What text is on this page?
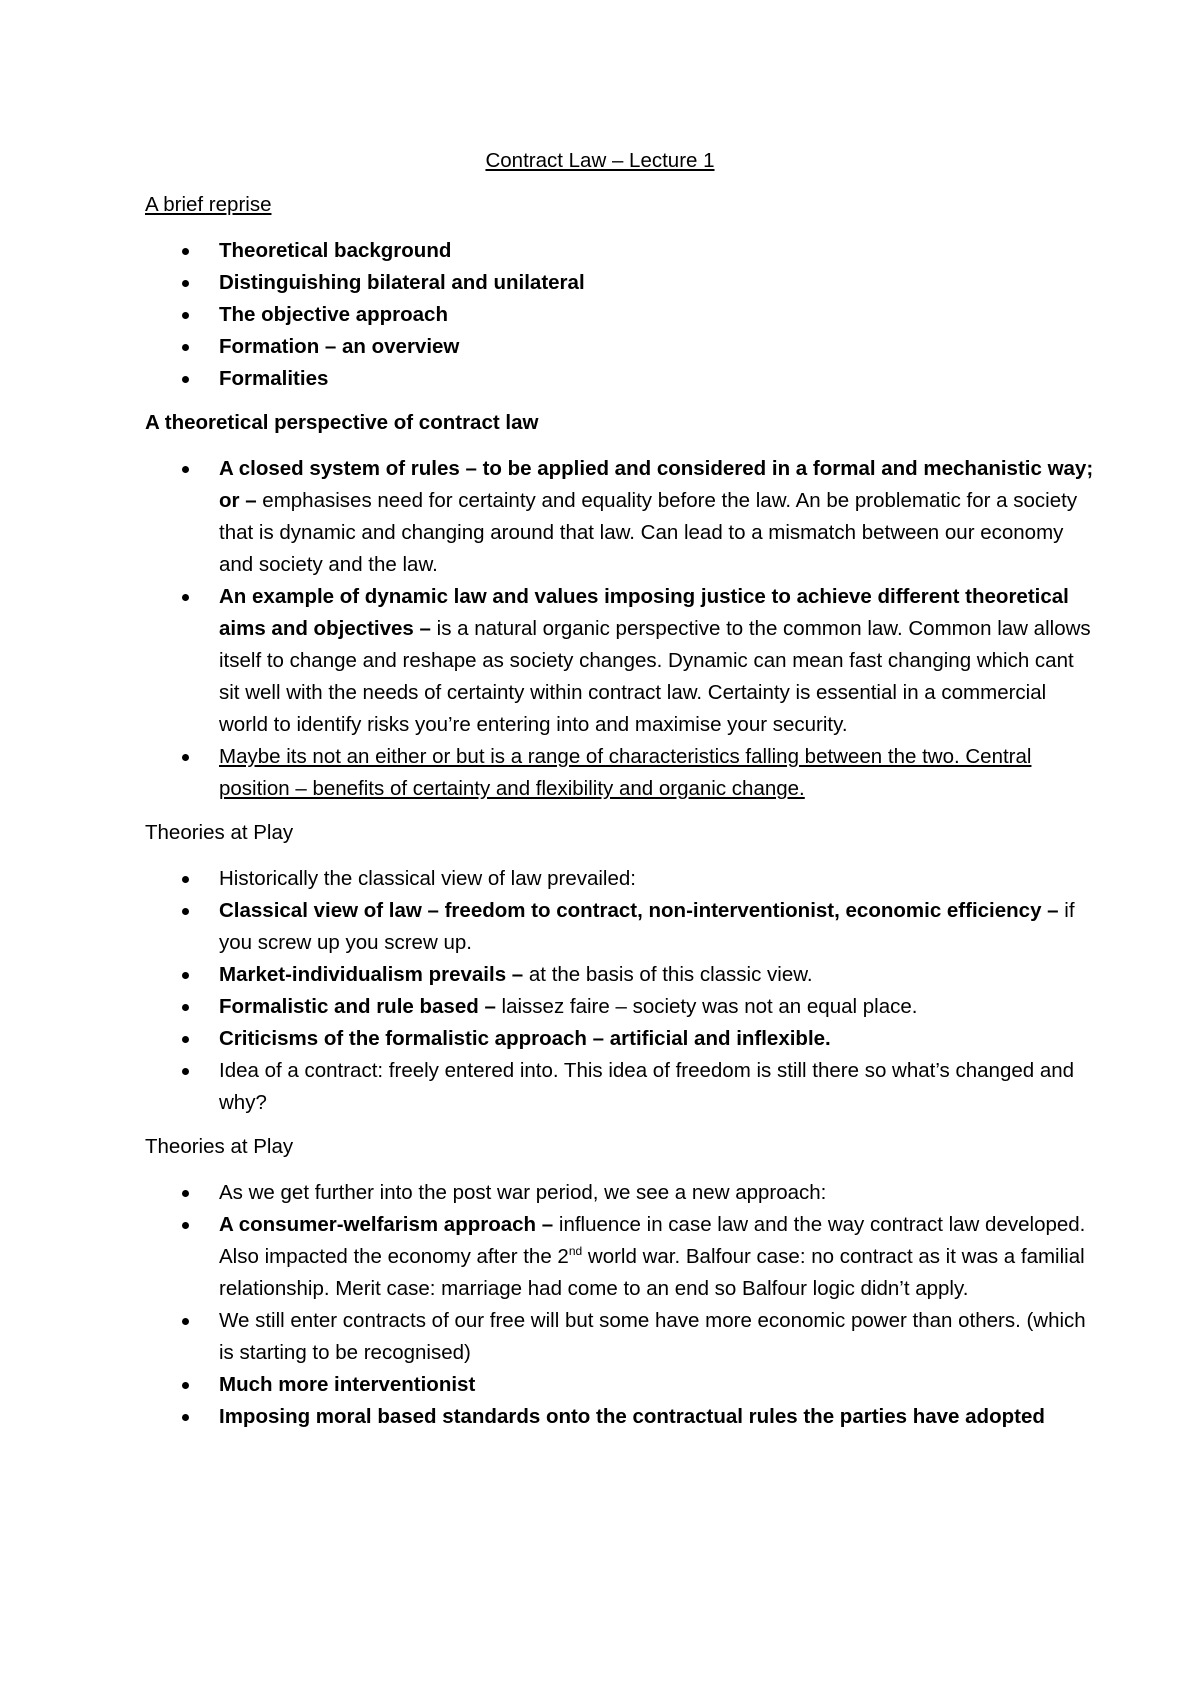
Contract Law – Lecture 1
A brief reprise
Theoretical background
Distinguishing bilateral and unilateral
The objective approach
Formation – an overview
Formalities
A theoretical perspective of contract law
A closed system of rules – to be applied and considered in a formal and mechanistic way; or – emphasises need for certainty and equality before the law. An be problematic for a society that is dynamic and changing around that law. Can lead to a mismatch between our economy and society and the law.
An example of dynamic law and values imposing justice to achieve different theoretical aims and objectives – is a natural organic perspective to the common law. Common law allows itself to change and reshape as society changes. Dynamic can mean fast changing which cant sit well with the needs of certainty within contract law. Certainty is essential in a commercial world to identify risks you’re entering into and maximise your security.
Maybe its not an either or but is a range of characteristics falling between the two. Central position – benefits of certainty and flexibility and organic change.
Theories at Play
Historically the classical view of law prevailed:
Classical view of law – freedom to contract, non-interventionist, economic efficiency – if you screw up you screw up.
Market-individualism prevails – at the basis of this classic view.
Formalistic and rule based – laissez faire – society was not an equal place.
Criticisms of the formalistic approach – artificial and inflexible.
Idea of a contract: freely entered into. This idea of freedom is still there so what’s changed and why?
Theories at Play
As we get further into the post war period, we see a new approach:
A consumer-welfarism approach – influence in case law and the way contract law developed. Also impacted the economy after the 2nd world war. Balfour case: no contract as it was a familial relationship. Merit case: marriage had come to an end so Balfour logic didn’t apply.
We still enter contracts of our free will but some have more economic power than others. (which is starting to be recognised)
Much more interventionist
Imposing moral based standards onto the contractual rules the parties have adopted
